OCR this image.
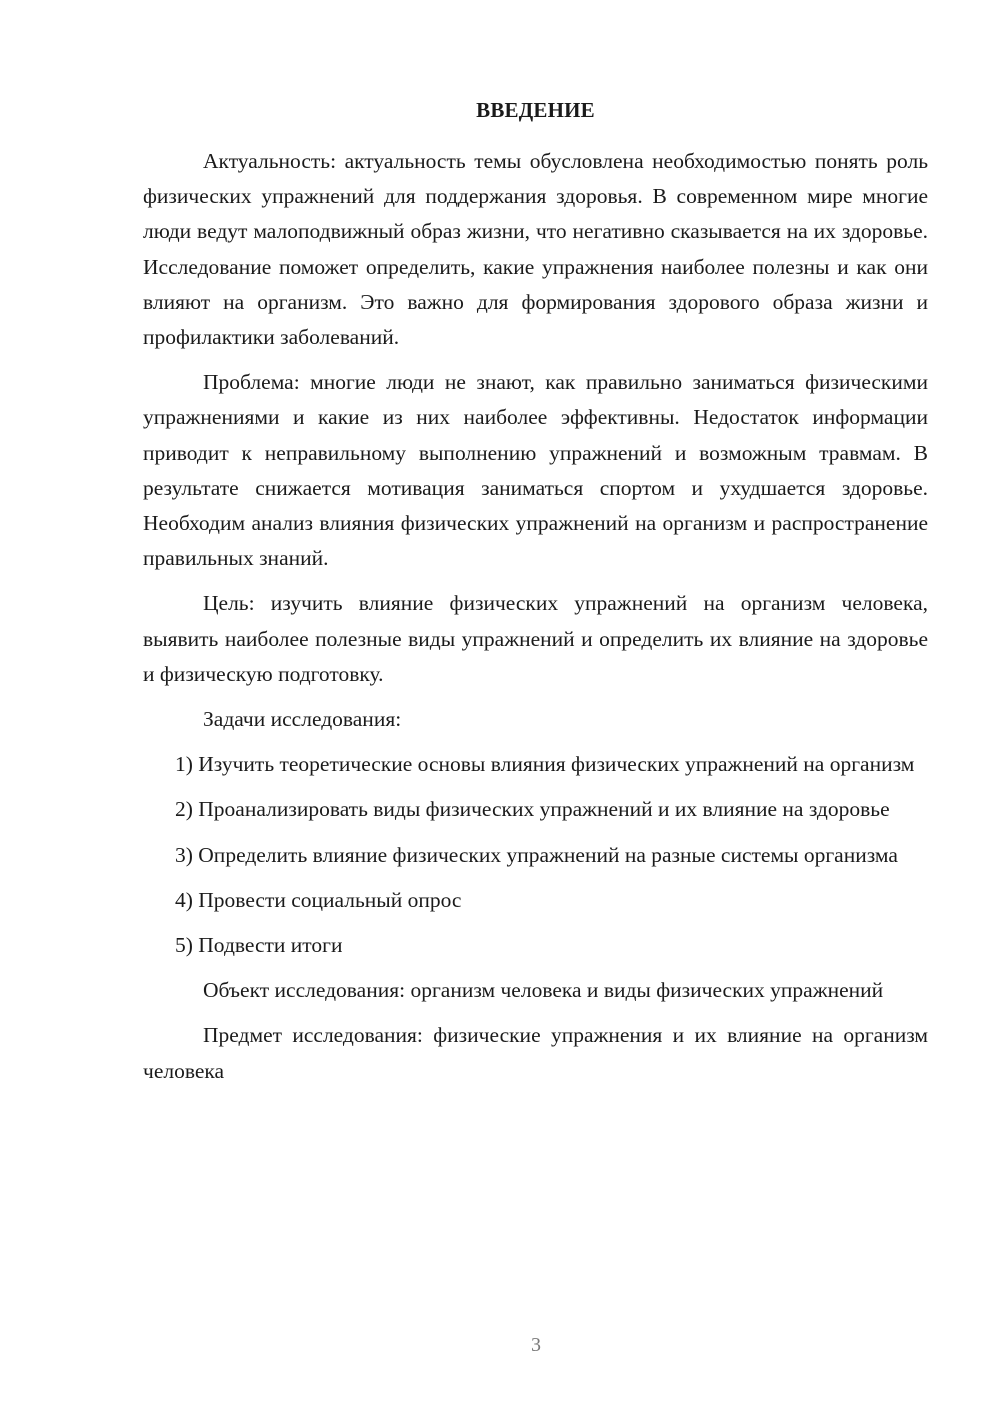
ВВЕДЕНИЕ

Актуальность: актуальность темы обусловлена необходимостью понять роль физических упражнений для поддержания здоровья. В современном мире многие люди ведут малоподвижный образ жизни, что негативно сказывается на их здоровье. Исследование поможет определить, какие упражнения наиболее полезны и как они влияют на организм. Это важно для формирования здорового образа жизни и профилактики заболеваний.

Проблема: многие люди не знают, как правильно заниматься физическими упражнениями и какие из них наиболее эффективны. Недостаток информации приводит к неправильному выполнению упражнений и возможным травмам. В результате снижается мотивация заниматься спортом и ухудшается здоровье. Необходим анализ влияния физических упражнений на организм и распространение правильных знаний.

Цель: изучить влияние физических упражнений на организм человека, выявить наиболее полезные виды упражнений и определить их влияние на здоровье и физическую подготовку.

Задачи исследования:

1) Изучить теоретические основы влияния физических упражнений на организм

2) Проанализировать виды физических упражнений и их влияние на здоровье

3) Определить влияние физических упражнений на разные системы организма

4) Провести социальный опрос

5) Подвести итоги

Объект исследования: организм человека и виды физических упражнений

Предмет исследования: физические упражнения и их влияние на организм человека

3
